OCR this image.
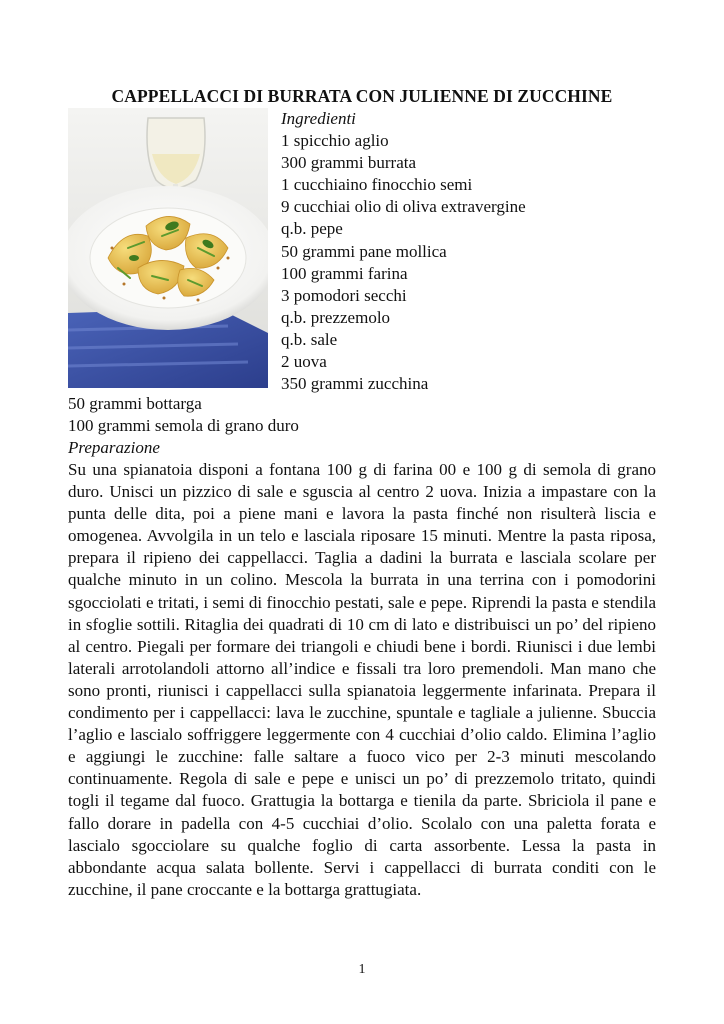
CAPPELLACCI DI BURRATA CON JULIENNE DI ZUCCHINE
Ingredienti
1 spicchio aglio
300 grammi burrata
1 cucchiaino finocchio semi
9 cucchiai olio di oliva extravergine
q.b. pepe
50 grammi pane mollica
100 grammi farina
3 pomodori secchi
q.b. prezzemolo
q.b. sale
2 uova
350 grammi zucchina
50 grammi bottarga
100 grammi semola di grano duro
Preparazione

Su una spianatoia disponi a fontana 100 g di farina 00 e 100 g di semola di grano duro. Unisci un pizzico di sale e sguscia al centro 2 uova. Inizia a impastare con la punta delle dita, poi a piene mani e lavora la pasta finché non risulterà liscia e omogenea. Avvolgila in un telo e lasciala riposare 15 minuti. Mentre la pasta riposa, prepara il ripieno dei cappellacci. Taglia a dadini la burrata e lasciala scolare per qualche minuto in un colino. Mescola la burrata in una terrina con i pomodorini sgocciolati e tritati, i semi di finocchio pestati, sale e pepe. Riprendi la pasta e stendila in sfoglie sottili. Ritaglia dei quadrati di 10 cm di lato e distribuisci un po’ del ripieno al centro. Piegali per formare dei triangoli e chiudi bene i bordi. Riunisci i due lembi laterali arrotolandoli attorno all’indice e fissali tra loro premendoli. Man mano che sono pronti, riunisci i cappellacci sulla spianatoia leggermente infarinata. Prepara il condimento per i cappellacci: lava le zucchine, spuntale e tagliale a julienne. Sbuccia l’aglio e lascialo soffriggere leggermente con 4 cucchiai d’olio caldo. Elimina l’aglio e aggiungi le zucchine: falle saltare a fuoco vico per 2-3 minuti mescolando continuamente. Regola di sale e pepe e unisci un po’ di prezzemolo tritato, quindi togli il tegame dal fuoco. Grattugia la bottarga e tienila da parte. Sbriciola il pane e fallo dorare in padella con 4-5 cucchiai d’olio. Scolalo con una paletta forata e lascialo sgocciolare su qualche foglio di carta assorbente. Lessa la pasta in abbondante acqua salata bollente. Servi i cappellacci di burrata conditi con le zucchine, il pane croccante e la bottarga grattugiata.

1
